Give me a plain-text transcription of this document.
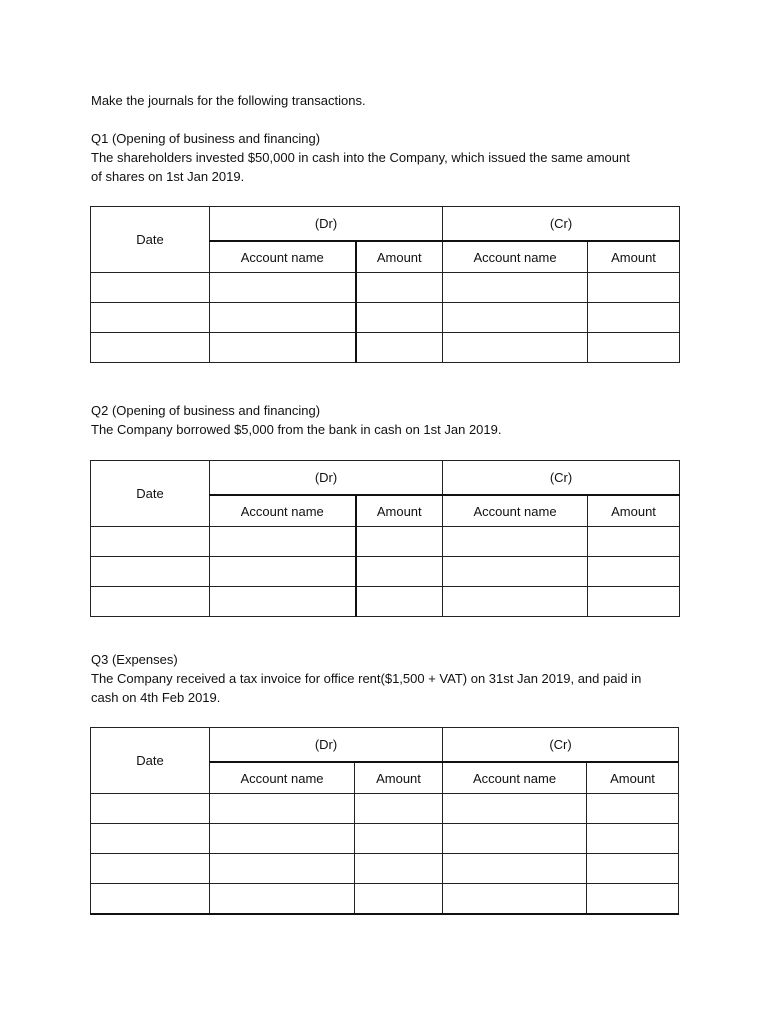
Make the journals for the following transactions.
Q1 (Opening of business and financing)
The shareholders invested $50,000 in cash into the Company, which issued the same amount
of shares on 1st Jan 2019.
Date	(Dr)		(Cr)	
	Account name	Amount	Account name	Amount

Q2 (Opening of business and financing)
The Company borrowed $5,000 from the bank in cash on 1st Jan 2019.
Date	(Dr)		(Cr)	
	Account name	Amount	Account name	Amount

Q3 (Expenses)
The Company received a tax invoice for office rent($1,500 + VAT) on 31st Jan 2019, and paid in
cash on 4th Feb 2019.
Date	(Dr)		(Cr)	
	Account name	Amount	Account name	Amount
